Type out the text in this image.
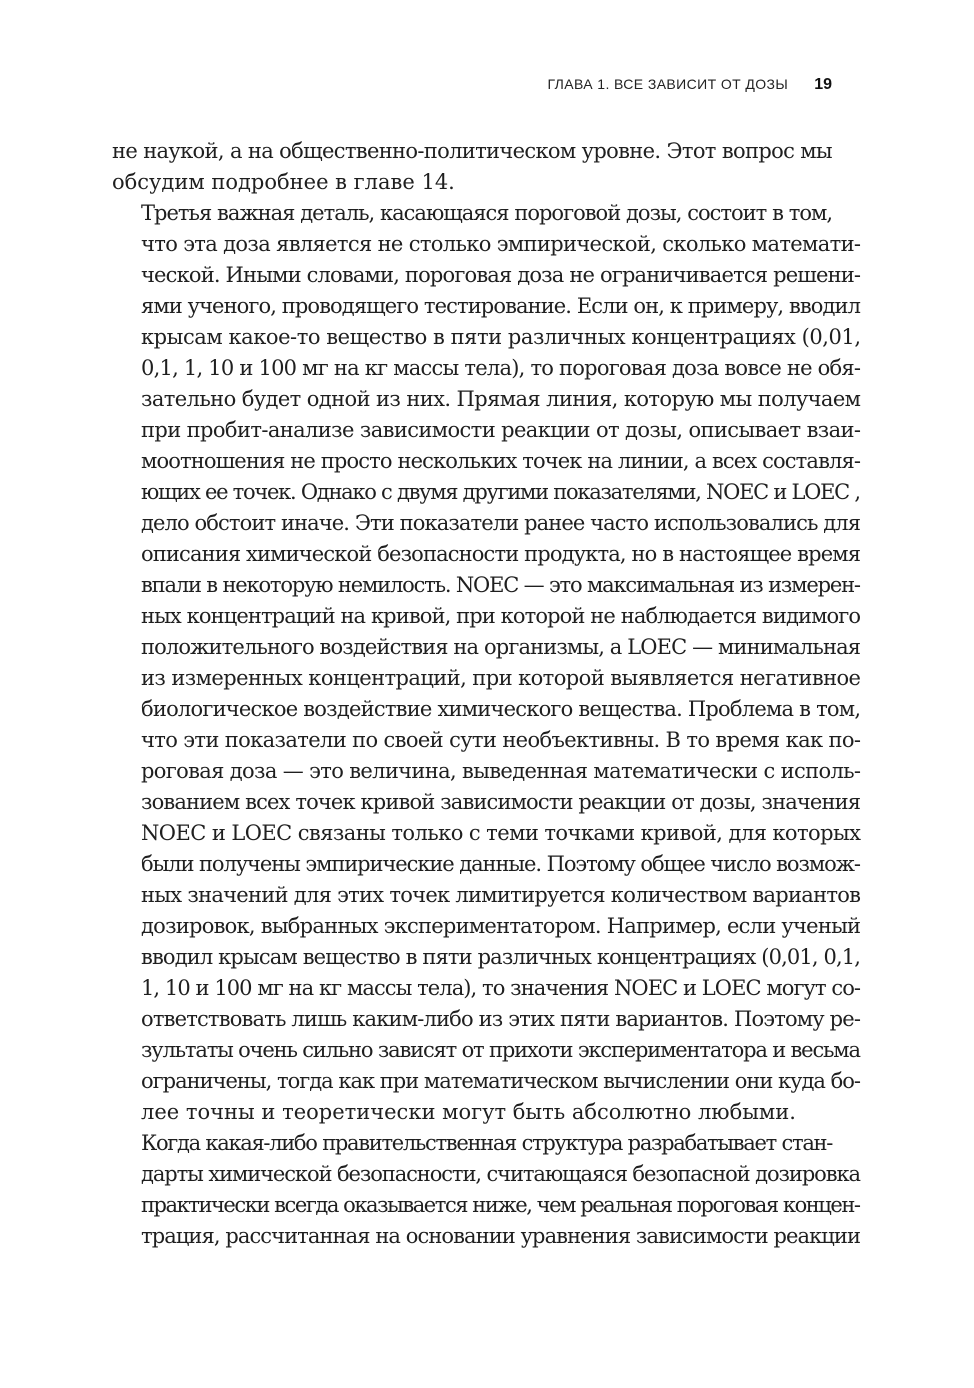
ГЛАВА 1. ВСЕ ЗАВИСИТ ОТ ДОЗЫ 19

не наукой, а на общественно-политическом уровне. Этот вопрос мы
обсудим подробнее в главе 14.

Третья важная деталь, касающаяся пороговой дозы, состоит в том,
что эта доза является не столько эмпирической, сколько математи-
ческой. Иными словами, пороговая доза не ограничивается решени-
ями ученого, проводящего тестирование. Если он, к примеру, вводил
крысам какое-то вещество в пяти различных концентрациях (0,01,
0,1, 1, 10 и 100 мг на кг массы тела), то пороговая доза вовсе не обя-
зательно будет одной из них. Прямая линия, которую мы получаем
при пробит-анализе зависимости реакции от дозы, описывает взаи-
моотношения не просто нескольких точек на линии, а всех составля-
ющих ее точек. Однако с двумя другими показателями, NOEC и LOEC ,
дело обстоит иначе. Эти показатели ранее часто использовались для
описания химической безопасности продукта, но в настоящее время
впали в некоторую немилость. NOEC — это максимальная из измерен-
ных концентраций на кривой, при которой не наблюдается видимого
положительного воздействия на организмы, а LOEC — минимальная
из измеренных концентраций, при которой выявляется негативное
биологическое воздействие химического вещества. Проблема в том,
что эти показатели по своей сути необъективны. В то время как по-
роговая доза — это величина, выведенная математически с исполь-
зованием всех точек кривой зависимости реакции от дозы, значения
NOEC и LOEC связаны только с теми точками кривой, для которых
были получены эмпирические данные. Поэтому общее число возмож-
ных значений для этих точек лимитируется количеством вариантов
дозировок, выбранных экспериментатором. Например, если ученый
вводил крысам вещество в пяти различных концентрациях (0,01, 0,1,
1, 10 и 100 мг на кг массы тела), то значения NOEC и LOEC могут со-
ответствовать лишь каким-либо из этих пяти вариантов. Поэтому ре-
зультаты очень сильно зависят от прихоти экспериментатора и весьма
ограничены, тогда как при математическом вычислении они куда бо-
лее точны и теоретически могут быть абсолютно любыми.

Когда какая-либо правительственная структура разрабатывает стан-
дарты химической безопасности, считающаяся безопасной дозировка
практически всегда оказывается ниже, чем реальная пороговая концен-
трация, рассчитанная на основании уравнения зависимости реакции
